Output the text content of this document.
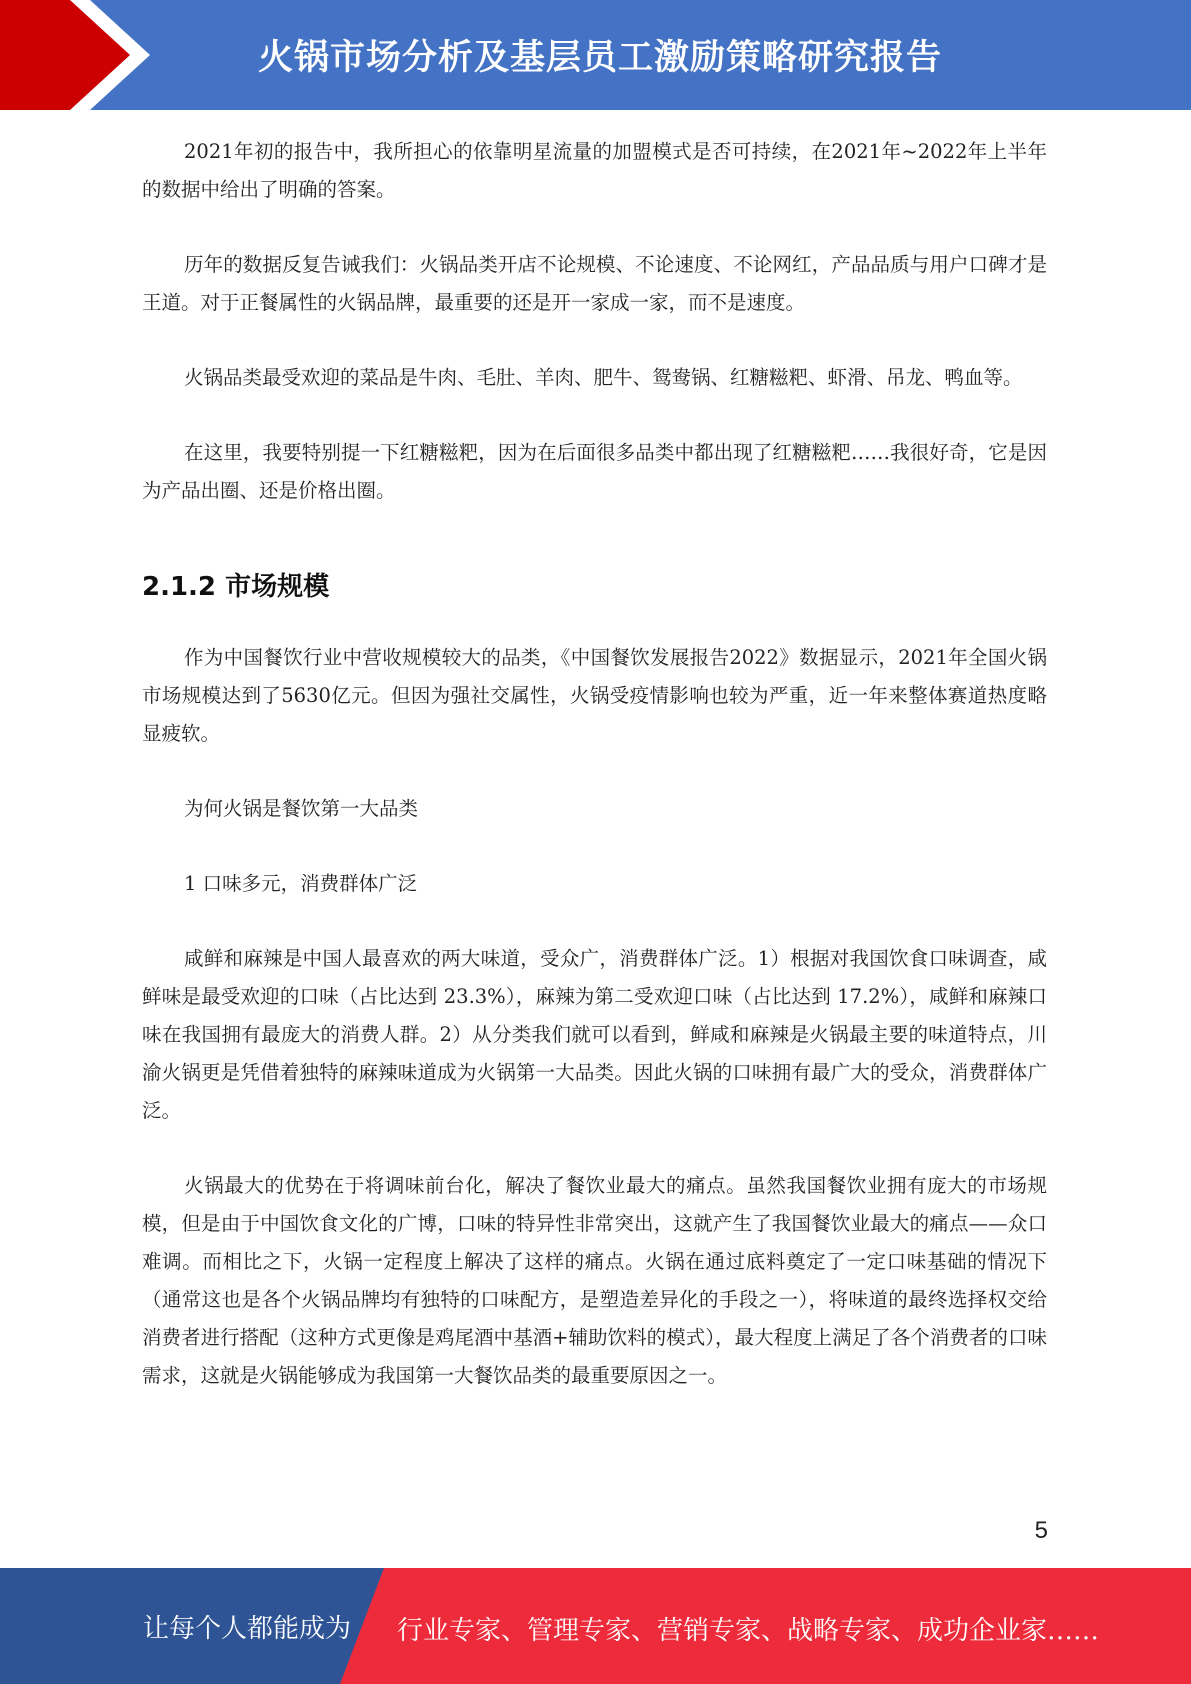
火锅市场分析及基层员工激励策略研究报告

2021年初的报告中，我所担心的依靠明星流量的加盟模式是否可持续，在2021年~2022年上半年的数据中给出了明确的答案。

历年的数据反复告诫我们：火锅品类开店不论规模、不论速度、不论网红，产品品质与用户口碑才是王道。对于正餐属性的火锅品牌，最重要的还是开一家成一家，而不是速度。

火锅品类最受欢迎的菜品是牛肉、毛肚、羊肉、肥牛、鸳鸯锅、红糖糍粑、虾滑、吊龙、鸭血等。

在这里，我要特别提一下红糖糍粑，因为在后面很多品类中都出现了红糖糍粑……我很好奇，它是因为产品出圈、还是价格出圈。

2.1.2 市场规模

作为中国餐饮行业中营收规模较大的品类，《中国餐饮发展报告2022》数据显示，2021年全国火锅市场规模达到了5630亿元。但因为强社交属性，火锅受疫情影响也较为严重，近一年来整体赛道热度略显疲软。

为何火锅是餐饮第一大品类

1 口味多元，消费群体广泛

咸鲜和麻辣是中国人最喜欢的两大味道，受众广，消费群体广泛。1）根据对我国饮食口味调查，咸鲜味是最受欢迎的口味（占比达到 23.3%），麻辣为第二受欢迎口味（占比达到 17.2%），咸鲜和麻辣口味在我国拥有最庞大的消费人群。2）从分类我们就可以看到，鲜咸和麻辣是火锅最主要的味道特点，川渝火锅更是凭借着独特的麻辣味道成为火锅第一大品类。因此火锅的口味拥有最广大的受众，消费群体广泛。

火锅最大的优势在于将调味前台化，解决了餐饮业最大的痛点。虽然我国餐饮业拥有庞大的市场规模，但是由于中国饮食文化的广博，口味的特异性非常突出，这就产生了我国餐饮业最大的痛点——众口难调。而相比之下，火锅一定程度上解决了这样的痛点。火锅在通过底料奠定了一定口味基础的情况下（通常这也是各个火锅品牌均有独特的口味配方，是塑造差异化的手段之一），将味道的最终选择权交给消费者进行搭配（这种方式更像是鸡尾酒中基酒+辅助饮料的模式），最大程度上满足了各个消费者的口味需求，这就是火锅能够成为我国第一大餐饮品类的最重要原因之一。

5
让每个人都能成为 行业专家、管理专家、营销专家、战略专家、成功企业家……
